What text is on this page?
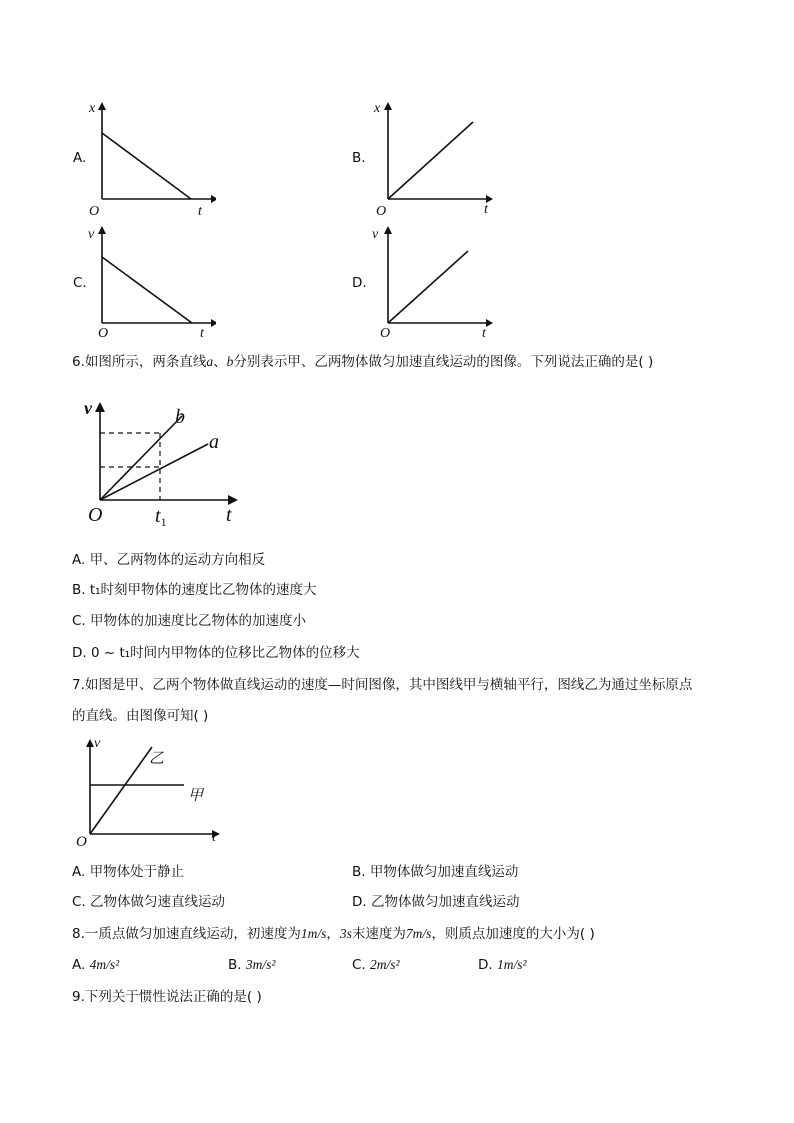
A.
x
O	t
B.
x
O	t
C.
v
O	t
D.
v
O	t
6.如图所示，两条直线a、b分别表示甲、乙两物体做匀加速直线运动的图像。下列说法正确的是( )
v
O	t
b
a
$t_1$
A. 甲、乙两物体的运动方向相反
B. t₁时刻甲物体的速度比乙物体的速度大
C. 甲物体的加速度比乙物体的加速度小
D. 0 ~ t₁时间内甲物体的位移比乙物体的位移大
7.如图是甲、乙两个物体做直线运动的速度—时间图像，其中图线甲与横轴平行，图线乙为通过坐标原点
的直线。由图像可知( )
O
v
t
乙
甲
A. 甲物体处于静止	B. 甲物体做匀加速直线运动
C. 乙物体做匀速直线运动	D. 乙物体做匀加速直线运动
8.一质点做匀加速直线运动，初速度为1m/s，3s末速度为7m/s，则质点加速度的大小为( )
A. 4m/s²	B. 3m/s²	C. 2m/s²	D. 1m/s²
9.下列关于惯性说法正确的是( )
